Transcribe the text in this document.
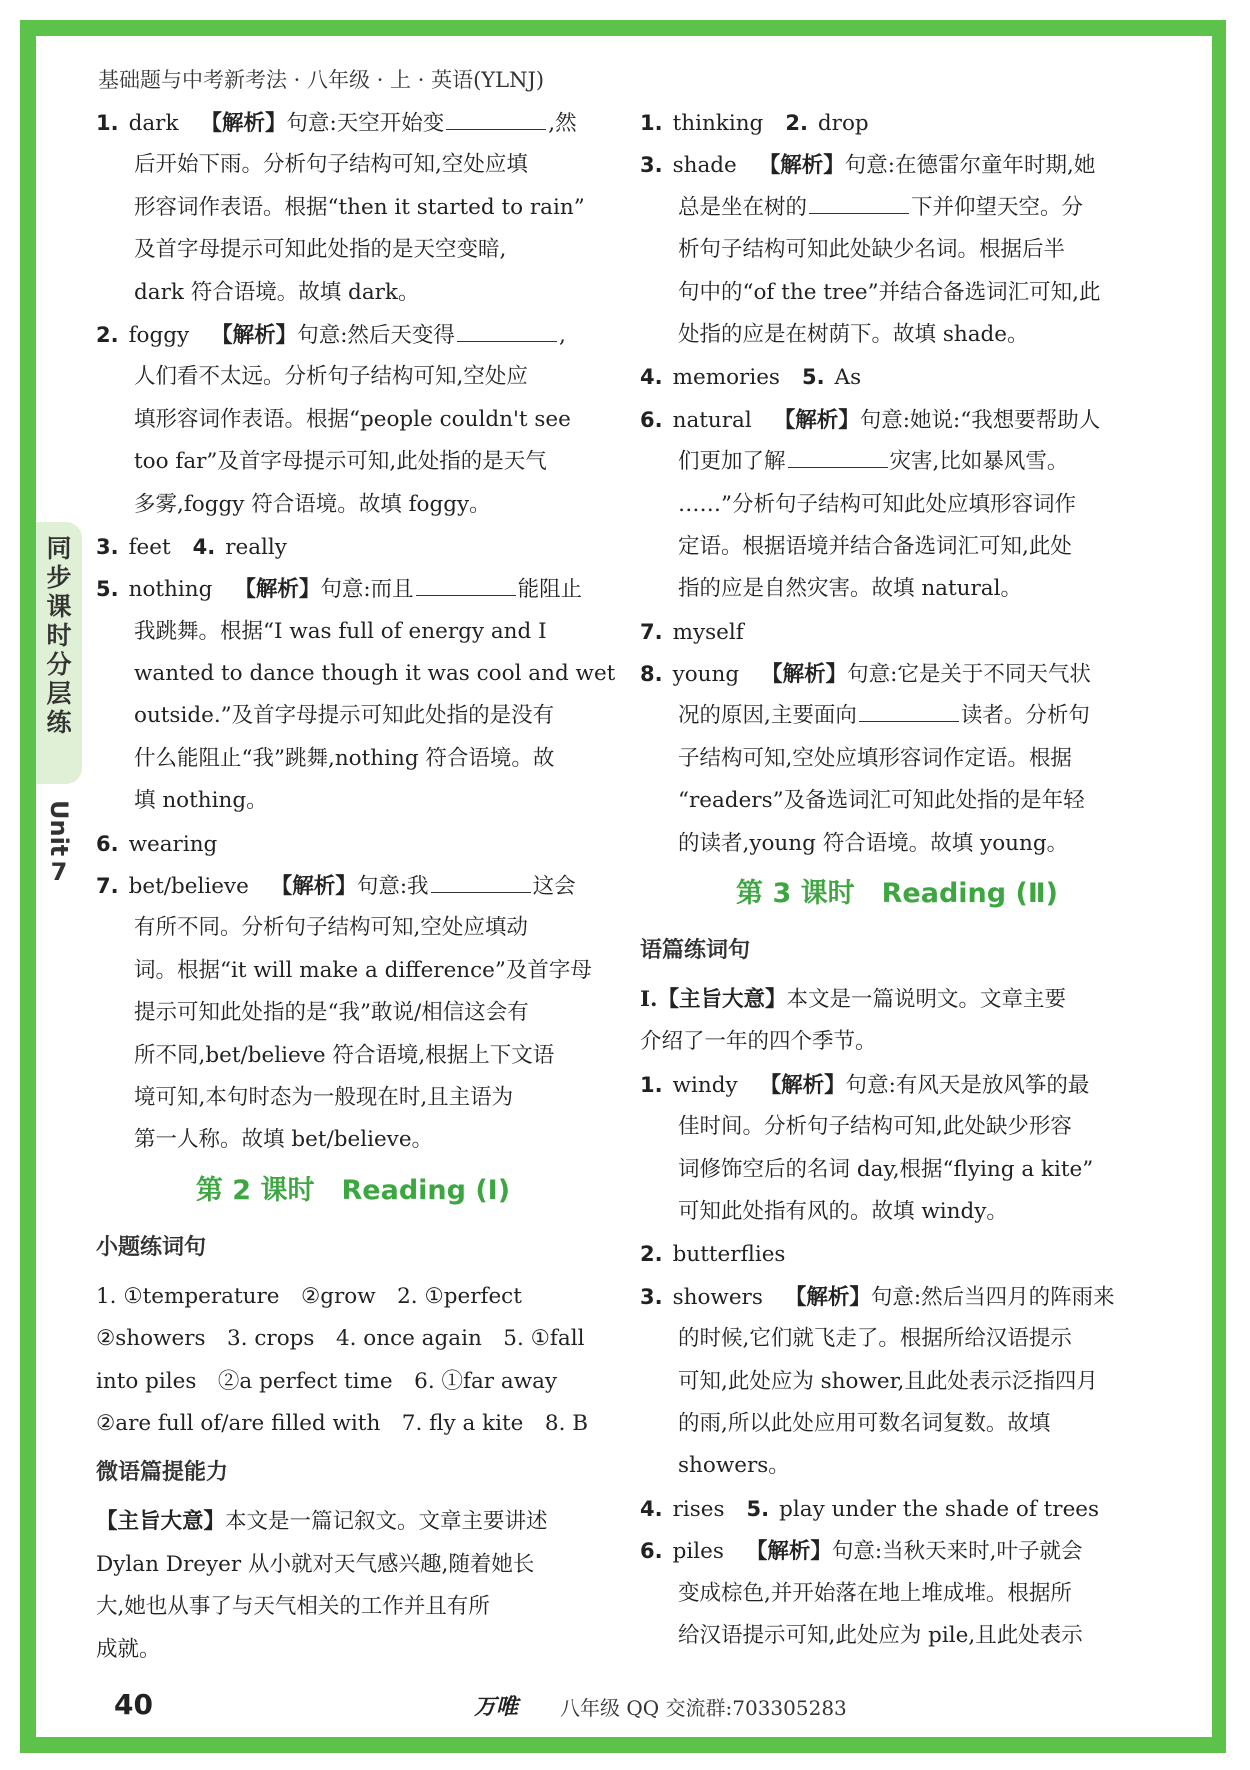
基础题与中考新考法 · 八年级 · 上 · 英语(YLNJ)
同
步
课
时
分
层
练
Unit
7
1. dark 【解析】句意:天空开始变	,然
后开始下雨。分析句子结构可知,空处应填
形容词作表语。根据“then it started to rain”
及首字母提示可知此处指的是天空变暗,
dark 符合语境。故填 dark。
2. foggy 【解析】句意:然后天变得	,
人们看不太远。分析句子结构可知,空处应
填形容词作表语。根据“people couldn't see
too far”及首字母提示可知,此处指的是天气
多雾,foggy 符合语境。故填 foggy。
3. feet 4. really
5. nothing 【解析】句意:而且	能阻止
我跳舞。根据“I was full of energy and I
wanted to dance though it was cool and wet
outside.”及首字母提示可知此处指的是没有
什么能阻止“我”跳舞,nothing 符合语境。故
填 nothing。
6. wearing
7. bet/believe 【解析】句意:我	这会
有所不同。分析句子结构可知,空处应填动
词。根据“it will make a difference”及首字母
提示可知此处指的是“我”敢说/相信这会有
所不同,bet/believe 符合语境,根据上下文语
境可知,本句时态为一般现在时,且主语为
第一人称。故填 bet/believe。
第 2 课时　Reading (Ⅰ)
小题练词句
1. ①temperature　②grow　2. ①perfect
②showers　3. crops　4. once again　5. ①fall
into piles　②a perfect time　6. ①far away
②are full of/are filled with　7. fly a kite　8. B
微语篇提能力
【主旨大意】本文是一篇记叙文。文章主要讲述
Dylan Dreyer 从小就对天气感兴趣,随着她长
大,她也从事了与天气相关的工作并且有所
成就。
1. thinking 2. drop
3. shade 【解析】句意:在德雷尔童年时期,她
总是坐在树的	下并仰望天空。分
析句子结构可知此处缺少名词。根据后半
句中的“of the tree”并结合备选词汇可知,此
处指的应是在树荫下。故填 shade。
4. memories 5. As
6. natural 【解析】句意:她说:“我想要帮助人
们更加了解	灾害,比如暴风雪。
……”分析句子结构可知此处应填形容词作
定语。根据语境并结合备选词汇可知,此处
指的应是自然灾害。故填 natural。
7. myself
8. young 【解析】句意:它是关于不同天气状
况的原因,主要面向	读者。分析句
子结构可知,空处应填形容词作定语。根据
“readers”及备选词汇可知此处指的是年轻
的读者,young 符合语境。故填 young。
第 3 课时　Reading (Ⅱ)
语篇练词句
Ⅰ.【主旨大意】本文是一篇说明文。文章主要
介绍了一年的四个季节。
1. windy 【解析】句意:有风天是放风筝的最
佳时间。分析句子结构可知,此处缺少形容
词修饰空后的名词 day,根据“flying a kite”
可知此处指有风的。故填 windy。
2. butterflies
3. showers 【解析】句意:然后当四月的阵雨来
的时候,它们就飞走了。根据所给汉语提示
可知,此处应为 shower,且此处表示泛指四月
的雨,所以此处应用可数名词复数。故填
showers。
4. rises 5. play under the shade of trees
6. piles 【解析】句意:当秋天来时,叶子就会
变成棕色,并开始落在地上堆成堆。根据所
给汉语提示可知,此处应为 pile,且此处表示
40	万唯 八年级 QQ 交流群:703305283
